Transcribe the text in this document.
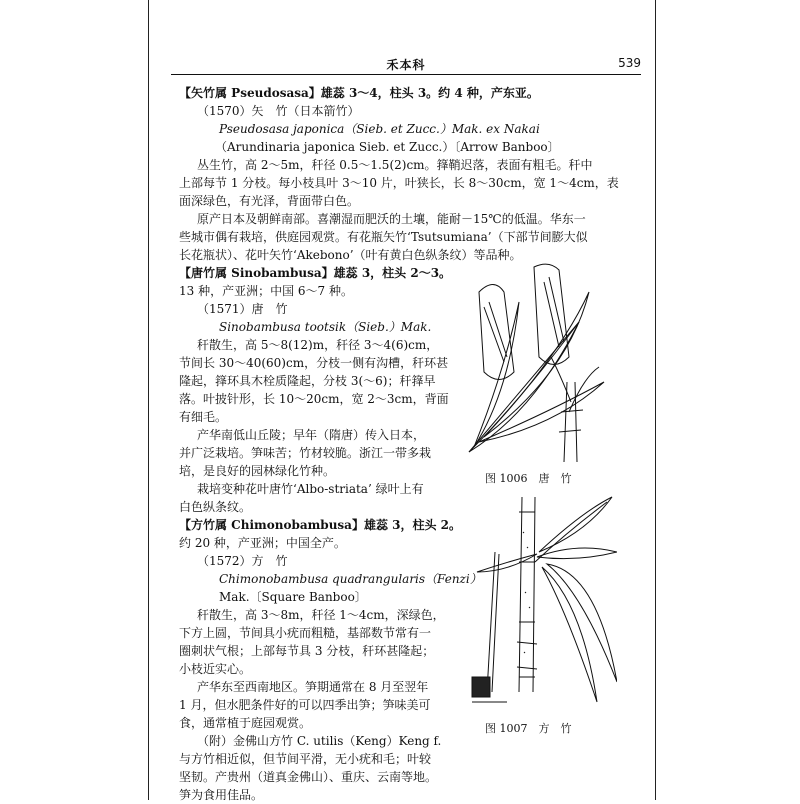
禾本科	539
【矢竹属 Pseudosasa】雄蕊 3～4，柱头 3。约 4 种，产东亚。
（1570）矢　竹（日本箭竹）
Pseudosasa japonica（Sieb. et Zucc.）Mak. ex Nakai
（Arundinaria japonica Sieb. et Zucc.）〔Arrow Banboo〕
丛生竹，高 2～5m，秆径 0.5～1.5(2)cm。箨鞘迟落，表面有粗毛。秆中
上部每节 1 分枝。每小枝具叶 3～10 片，叶狭长，长 8～30cm，宽 1～4cm，表
面深绿色，有光泽，背面带白色。
原产日本及朝鲜南部。喜潮湿而肥沃的土壤，能耐－15℃的低温。华东一
些城市偶有栽培，供庭园观赏。有花瓶矢竹‘Tsutsumiana’（下部节间膨大似
长花瓶状）、花叶矢竹‘Akebono’（叶有黄白色纵条纹）等品种。
【唐竹属 Sinobambusa】雄蕊 3，柱头 2～3。
13 种，产亚洲；中国 6～7 种。
（1571）唐　竹
Sinobambusa tootsik（Sieb.）Mak.
秆散生，高 5～8(12)m，秆径 3～4(6)cm，
节间长 30～40(60)cm，分枝一侧有沟槽，秆环甚
隆起，箨环具木栓质隆起，分枝 3(～6)；秆箨早
落。叶披针形，长 10～20cm，宽 2～3cm，背面
有细毛。
产华南低山丘陵；早年（隋唐）传入日本，
并广泛栽培。笋味苦；竹材较脆。浙江一带多栽
培，是良好的园林绿化竹种。
栽培变种花叶唐竹‘Albo-striata’ 绿叶上有
白色纵条纹。
【方竹属 Chimonobambusa】雄蕊 3，柱头 2。
约 20 种，产亚洲；中国全产。
（1572）方　竹
Chimonobambusa quadrangularis（Fenzi）
Mak.〔Square Banboo〕
秆散生，高 3～8m，秆径 1～4cm，深绿色，
下方上圆，节间具小疣而粗糙，基部数节常有一
圈刺状气根；上部每节具 3 分枝，秆环甚隆起；
小枝近实心。
产华东至西南地区。笋期通常在 8 月至翌年
1 月，但水肥条件好的可以四季出笋；笋味美可
食，通常植于庭园观赏。
（附）金佛山方竹 C. utilis（Keng）Keng f.
与方竹相近似，但节间平滑，无小疣和毛；叶较
坚韧。产贵州（道真金佛山）、重庆、云南等地。
笋为食用佳品。
图 1006　唐　竹
图 1007　方　竹
